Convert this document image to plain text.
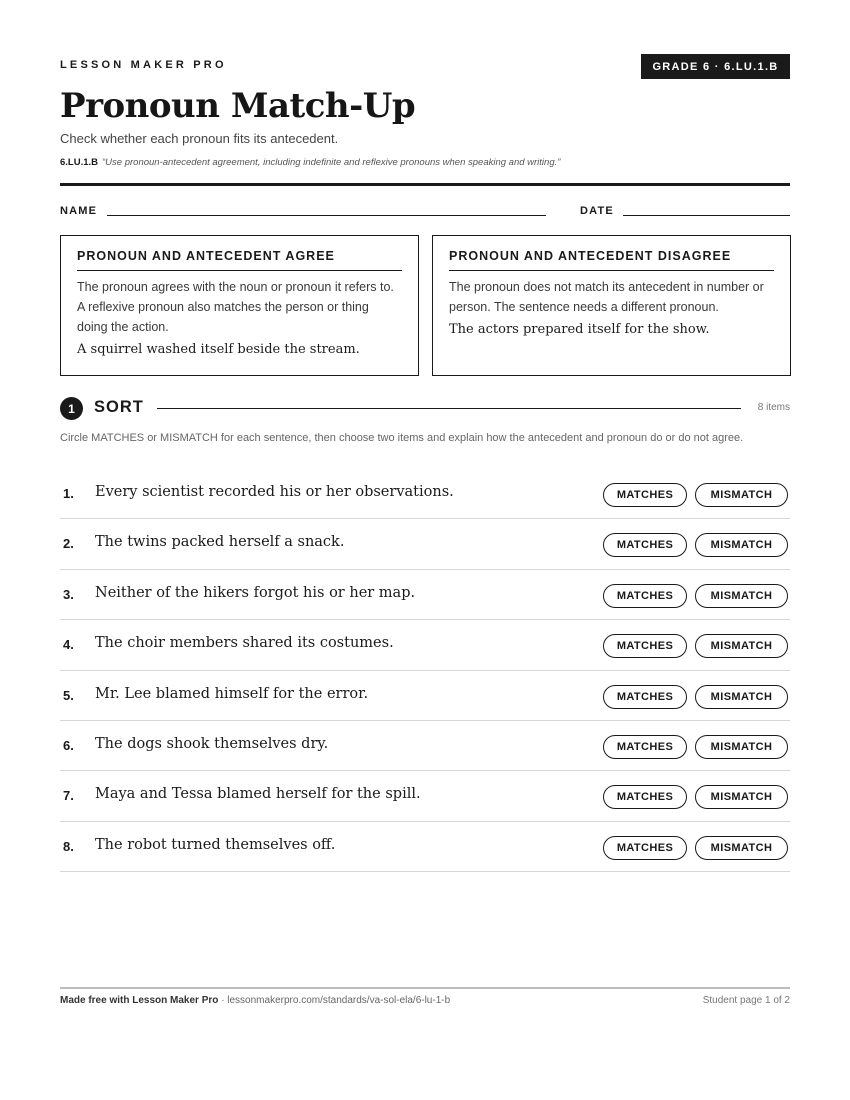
LESSON MAKER PRO	GRADE 6 · 6.LU.1.B
Pronoun Match-Up
Check whether each pronoun fits its antecedent.
6.LU.1.B “Use pronoun-antecedent agreement, including indefinite and reflexive pronouns when speaking and writing.”
NAME	DATE
PRONOUN AND ANTECEDENT AGREE
The pronoun agrees with the noun or pronoun it refers to. A reflexive pronoun also matches the person or thing doing the action.
A squirrel washed itself beside the stream.
PRONOUN AND ANTECEDENT DISAGREE
The pronoun does not match its antecedent in number or person. The sentence needs a different pronoun.
The actors prepared itself for the show.
1	SORT	8 items
Circle MATCHES or MISMATCH for each sentence, then choose two items and explain how the antecedent and pronoun do or do not agree.
1. Every scientist recorded his or her observations.	MATCHES	MISMATCH
2. The twins packed herself a snack.	MATCHES	MISMATCH
3. Neither of the hikers forgot his or her map.	MATCHES	MISMATCH
4. The choir members shared its costumes.	MATCHES	MISMATCH
5. Mr. Lee blamed himself for the error.	MATCHES	MISMATCH
6. The dogs shook themselves dry.	MATCHES	MISMATCH
7. Maya and Tessa blamed herself for the spill.	MATCHES	MISMATCH
8. The robot turned themselves off.	MATCHES	MISMATCH
Made free with Lesson Maker Pro · lessonmakerpro.com/standards/va-sol-ela/6-lu-1-b	Student page 1 of 2
